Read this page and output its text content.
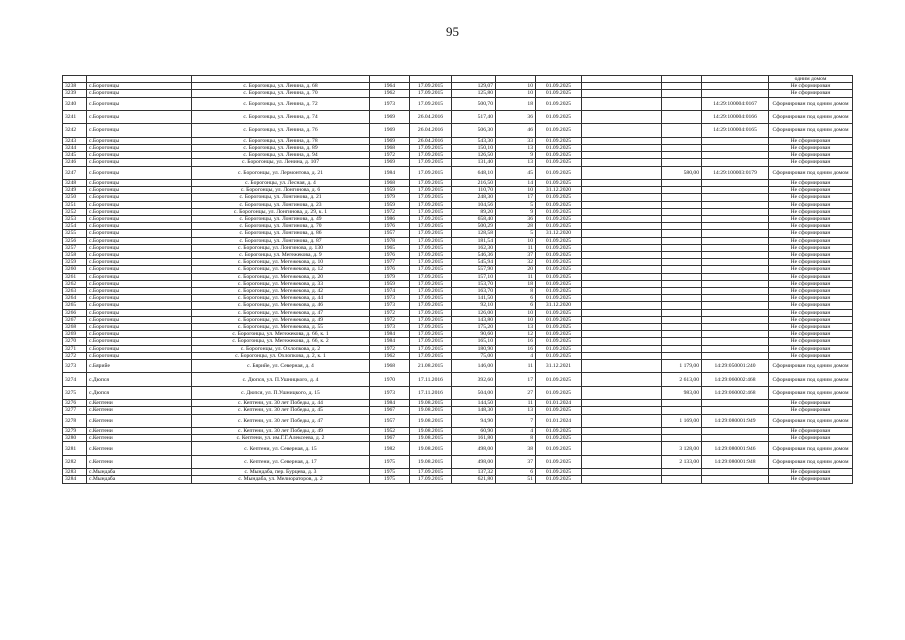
95
											одним домом
3238	с.Борогонцы	с. Борогонцы, ул. Ленина, д. 68	1964	17.09.2015	129,07	10	01.09.2025				Не сформирован
3239	с.Борогонцы	с. Борогонцы, ул. Ленина, д. 70	1962	17.09.2015	125,80	10	01.09.2025				Не сформирован
3240	с.Борогонцы	с. Борогонцы, ул. Ленина, д. 72	1973	17.09.2015	500,70	18	01.09.2025			14:29:100004:0167	Сформирован под одним домом
3241	с.Борогонцы	с. Борогонцы, ул. Ленина, д. 74	1969	26.04.2016	517,40	36	01.09.2025			14:29:100004:0166	Сформирован под одним домом
3242	с.Борогонцы	с. Борогонцы, ул. Ленина, д. 76	1969	26.04.2016	506,30	46	01.09.2025			14:29:100004:0165	Сформирован под одним домом
3243	с.Борогонцы	с. Борогонцы, ул. Ленина, д. 78	1969	26.04.2016	543,30	33	01.09.2025				Не сформирован
3244	с.Борогонцы	с. Борогонцы, ул. Ленина, д. 89	1968	17.09.2015	150,10	13	01.09.2025				Не сформирован
3245	с.Борогонцы	с. Борогонцы, ул. Ленина, д. 94	1972	17.09.2015	126,50	9	01.09.2025				Не сформирован
3246	с.Борогонцы	с. Борогонцы, ул. Ленина, д. 107	1969	17.09.2015	131,40	13	01.09.2025				Не сформирован
3247	с.Борогонцы	с. Борогонцы, ул. Лермонтова, д. 21	1984	17.09.2015	648,10	45	01.09.2025		580,00	14:29:100003:0179	Сформирован под одним домом
3248	с.Борогонцы	с. Борогонцы, ул. Лесная, д. 4	1968	17.09.2015	216,50	14	01.09.2025				Не сформирован
3249	с.Борогонцы	с. Борогонцы, ул. Лонгинова, д. 6	1959	17.09.2015	110,70	10	31.12.2020				Не сформирован
3250	с.Борогонцы	с. Борогонцы, ул. Лонгинова, д. 21	1979	17.09.2015	248,30	17	01.09.2025				Не сформирован
3251	с.Борогонцы	с. Борогонцы, ул. Лонгинова, д. 23	1959	17.09.2015	104,56	5	01.09.2025				Не сформирован
3252	с.Борогонцы	с. Борогонцы, ул. Лонгинова, д. 29, к. 1	1972	17.09.2015	89,20	9	01.09.2025				Не сформирован
3253	с.Борогонцы	с. Борогонцы, ул. Лонгинова, д. 49	1986	17.09.2015	658,40	36	01.09.2025				Не сформирован
3254	с.Борогонцы	с. Борогонцы, ул. Лонгинова, д. 70	1976	17.09.2015	500,29	28	01.09.2025				Не сформирован
3255	с.Борогонцы	с. Борогонцы, ул. Лонгинова, д. 86	1957	17.09.2015	128,58	5	31.12.2020				Не сформирован
3256	с.Борогонцы	с. Борогонцы, ул. Лонгинова, д. 87	1978	17.09.2015	181,54	10	01.09.2025				Не сформирован
3257	с.Борогонцы	с. Борогонцы, ул. Лонгинова, д. 130	1965	17.09.2015	162,30	11	01.09.2025				Не сформирован
3258	с.Борогонцы	с. Борогонцы, ул. Мегежекова, д. 9	1976	17.09.2015	546,36	37	01.09.2025				Не сформирован
3259	с.Борогонцы	с. Борогонцы, ул. Мегежекова, д. 10	1977	17.09.2015	545,94	32	01.09.2025				Не сформирован
3260	с.Борогонцы	с. Борогонцы, ул. Мегежекова, д. 12	1976	17.09.2015	557,90	20	01.09.2025				Не сформирован
3261	с.Борогонцы	с. Борогонцы, ул. Мегежекова, д. 20	1979	17.09.2015	157,10	11	01.09.2025				Не сформирован
3262	с.Борогонцы	с. Борогонцы, ул. Мегежекова, д. 33	1959	17.09.2015	153,70	18	01.09.2025				Не сформирован
3263	с.Борогонцы	с. Борогонцы, ул. Мегежекова, д. 42	1974	17.09.2015	163,70	8	01.09.2025				Не сформирован
3264	с.Борогонцы	с. Борогонцы, ул. Мегежекова, д. 44	1973	17.09.2015	141,50	6	01.09.2025				Не сформирован
3265	с.Борогонцы	с. Борогонцы, ул. Мегежекова, д. 46	1973	17.09.2015	92,10	6	31.12.2020				Не сформирован
3266	с.Борогонцы	с. Борогонцы, ул. Мегежекова, д. 47	1972	17.09.2015	126,00	10	01.09.2025				Не сформирован
3267	с.Борогонцы	с. Борогонцы, ул. Мегежекова, д. 49	1972	17.09.2015	143,80	10	01.09.2025				Не сформирован
3268	с.Борогонцы	с. Борогонцы, ул. Мегежекова, д. 55	1973	17.09.2015	175,20	13	01.09.2025				Не сформирован
3269	с.Борогонцы	с. Борогонцы, ул. Мегежекова, д. 66, к. 1	1984	17.09.2015	90,60	12	01.09.2025				Не сформирован
3270	с.Борогонцы	с. Борогонцы, ул. Мегежекова, д. 66, к. 2	1984	17.09.2015	165,10	16	01.09.2025				Не сформирован
3271	с.Борогонцы	с. Борогонцы, ул. Охлопкова, д. 2	1972	17.09.2015	180,90	16	01.09.2025				Не сформирован
3272	с.Борогонцы	с. Борогонцы, ул. Охлопкова, д. 2, к. 1	1962	17.09.2015	75,00	4	01.09.2025				Не сформирован
3273	с.Бярийе	с. Бярийе, ул. Северная, д. 4	1968	21.08.2015	146,00	11	31.12.2021		1 179,00	14:29:050001:240	Сформирован под одним домом
3274	с.Дюпся	с. Дюпся, ул. П.Ушницкого, д. 4	1970	17.11.2016	392,60	17	01.09.2025		2 613,00	14:29:060002:468	Сформирован под одним домом
3275	с.Дюпся	с. Дюпся, ул. П.Ушницкого, д. 15	1973	17.11.2016	504,00	27	01.09.2025		983,00	14:29:060002:468	Сформирован под одним домом
3276	с.Кептени	с. Кептени, ул. 30 лет Победы, д. 44	1984	19.08.2015	144,50	11	01.01.2024				Не сформирован
3277	с.Кептени	с. Кептени, ул. 30 лет Победы, д. 45	1967	19.08.2015	148,30	13	01.09.2025				Не сформирован
3278	с.Кептени	с. Кептени, ул. 30 лет Победы, д. 47	1957	19.08.2015	94,90	7	01.01.2024		1 169,00	14:29:080001:949	Сформирован под одним домом
3279	с.Кептени	с. Кептени, ул. 30 лет Победы, д. 49	1952	19.08.2015	60,90	4	01.09.2025				Не сформирован
3280	с.Кептени	с. Кептени, ул. им.Г.Г.Алексеева, д. 2	1967	19.08.2015	161,80	8	01.09.2025				Не сформирован
3281	с.Кептени	с. Кептени, ул. Северная, д. 15	1982	19.08.2015	498,00	38	01.09.2025		3 128,00	14:29:080001:946	Сформирован под одним домом
3282	с.Кептени	с. Кептени, ул. Северная, д. 17	1975	19.08.2015	498,00	37	01.09.2025		2 133,00	14:29:080001:948	Сформирован под одним домом
3283	с.Мындаба	с. Мындаба, пер. Бурцева, д. 3	1975	17.09.2015	137,32	6	01.09.2025				Не сформирован
3284	с.Мындаба	с. Мындаба, ул. Мелиораторов, д. 2	1975	17.09.2015	621,80	51	01.09.2025				Не сформирован
